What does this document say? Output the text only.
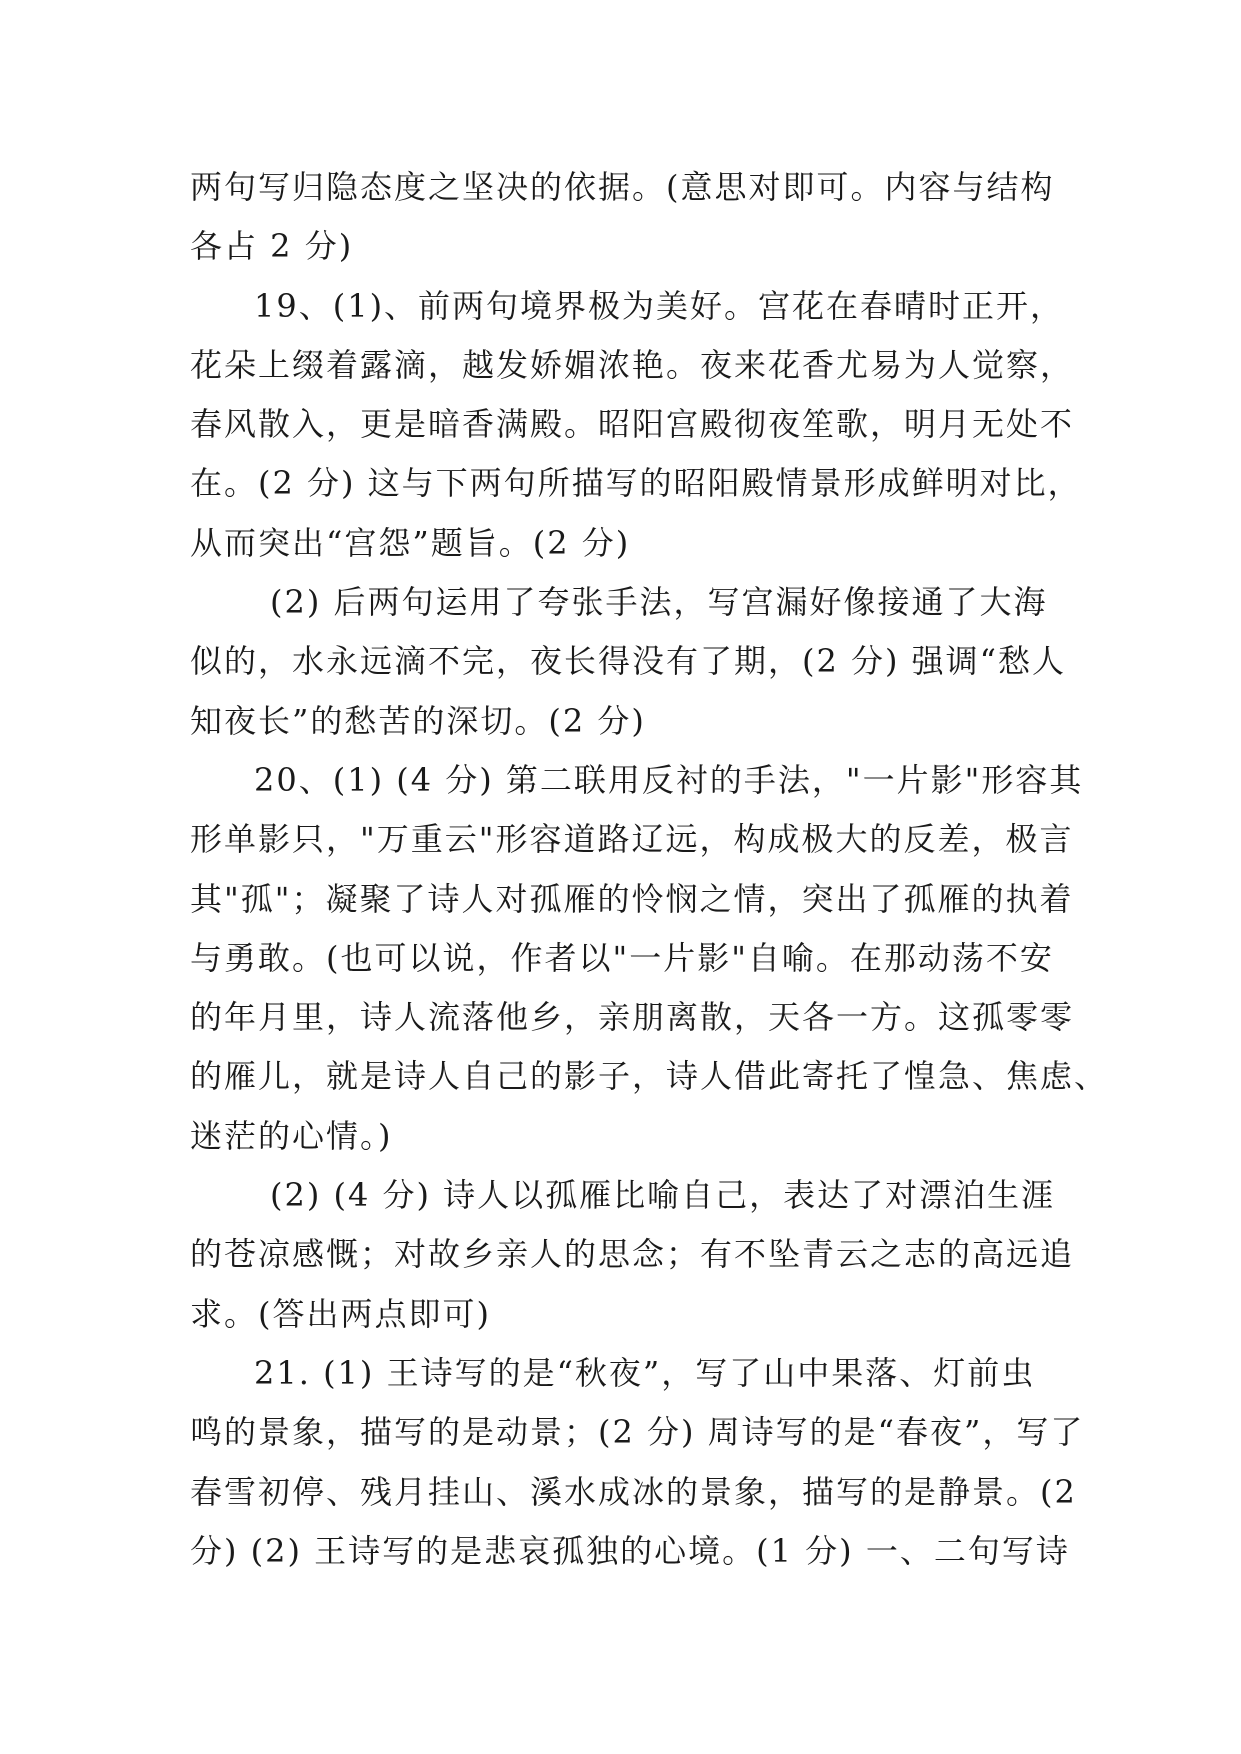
两句写归隐态度之坚决的依据。(意思对即可。内容与结构
各占 2 分)
19、(1)、前两句境界极为美好。宫花在春晴时正开，
花朵上缀着露滴，越发娇媚浓艳。夜来花香尤易为人觉察，
春风散入，更是暗香满殿。昭阳宫殿彻夜笙歌，明月无处不
在。(2 分) 这与下两句所描写的昭阳殿情景形成鲜明对比，
从而突出“宫怨”题旨。(2 分)
(2) 后两句运用了夸张手法，写宫漏好像接通了大海
似的，水永远滴不完，夜长得没有了期，(2 分) 强调“愁人
知夜长”的愁苦的深切。(2 分)
20、(1) (4 分) 第二联用反衬的手法，"一片影"形容其
形单影只，"万重云"形容道路辽远，构成极大的反差，极言
其"孤"；凝聚了诗人对孤雁的怜悯之情，突出了孤雁的执着
与勇敢。(也可以说，作者以"一片影"自喻。在那动荡不安
的年月里，诗人流落他乡，亲朋离散，天各一方。这孤零零
的雁儿，就是诗人自己的影子，诗人借此寄托了惶急、焦虑、
迷茫的心情。)
(2) (4 分) 诗人以孤雁比喻自己，表达了对漂泊生涯
的苍凉感慨；对故乡亲人的思念；有不坠青云之志的高远追
求。(答出两点即可)
21. (1) 王诗写的是“秋夜”，写了山中果落、灯前虫
鸣的景象，描写的是动景；(2 分) 周诗写的是“春夜”，写了
春雪初停、残月挂山、溪水成冰的景象，描写的是静景。(2
分) (2) 王诗写的是悲哀孤独的心境。(1 分) 一、二句写诗
